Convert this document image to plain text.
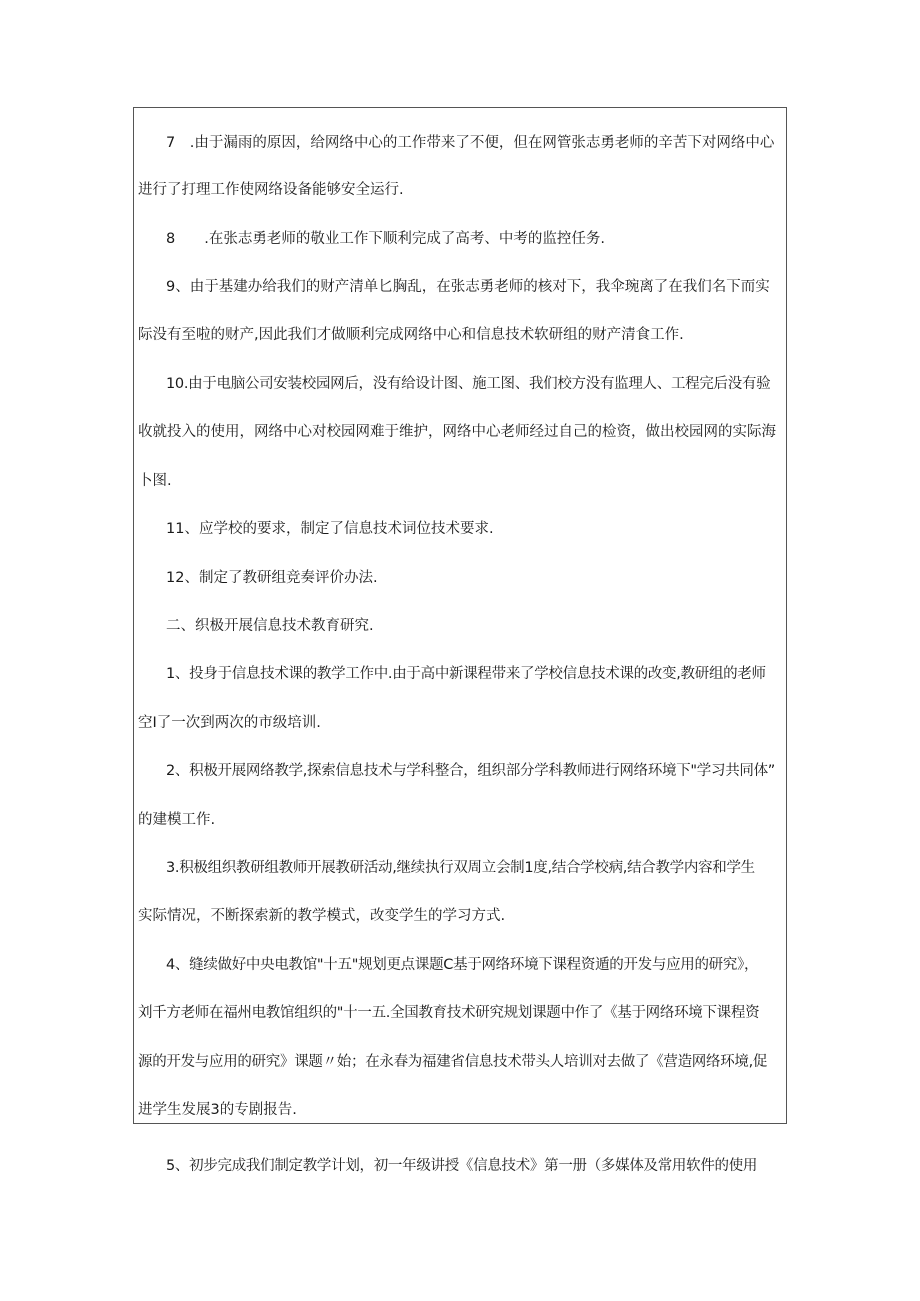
7　.由于漏雨的原因，给网络中心的工作带来了不便，但在网管张志勇老师的辛苦下对网络中心
进行了打理工作使网络设备能够安全运行.
8　　.在张志勇老师的敬业工作下顺利完成了高考、中考的监控任务.
9、由于基建办给我们的财产清单匕胸乱，在张志勇老师的核对下，我伞琬离了在我们名下而实
际没有至啦的财产,因此我们才做顺利完成网络中心和信息技术软研组的财产清食工作.
10.由于电脑公司安装校园网后，没有给设计图、施工图、我们校方没有监理人、工程完后没有验
收就投入的使用，网络中心对校园网难于维护，网络中心老师经过自己的检资，做出校园网的实际海
卜图.
11、应学校的要求，制定了信息技术词位技术要求.
12、制定了教研组竞奏评价办法.
二、织极开展信息技术教育研究.
1、投身于信息技术课的教学工作中.由于高中新课程带来了学校信息技术课的改变,教研组的老师
空I了一次到两次的市级培训.
2、积极开展网络教学,探索信息技术与学科整合，组织部分学科教师进行网络环境下"学习共同体”
的建模工作.
3.积极组织教研组教师开展教研活动,继续执行双周立会制1度,结合学校病,结合教学内容和学生
实际情况，不断探索新的教学模式，改变学生的学习方式.
4、缝续做好中央电教馆"十五"规划更点课题C基于网络环境下课程资遁的开发与应用的研究》，
刘千方老师在福州电教馆组织的"十一五.全国教育技术研究规划课题中作了《基于网络环境下课程资
源的开发与应用的研究》课题〃始；在永春为福建省信息技术带头人培训对去做了《营造网络环境,促
进学生发展3的专剧报告.
5、初步完成我们制定教学计划，初一年级讲授《信息技术》第一册（多媒体及常用软件的使用
